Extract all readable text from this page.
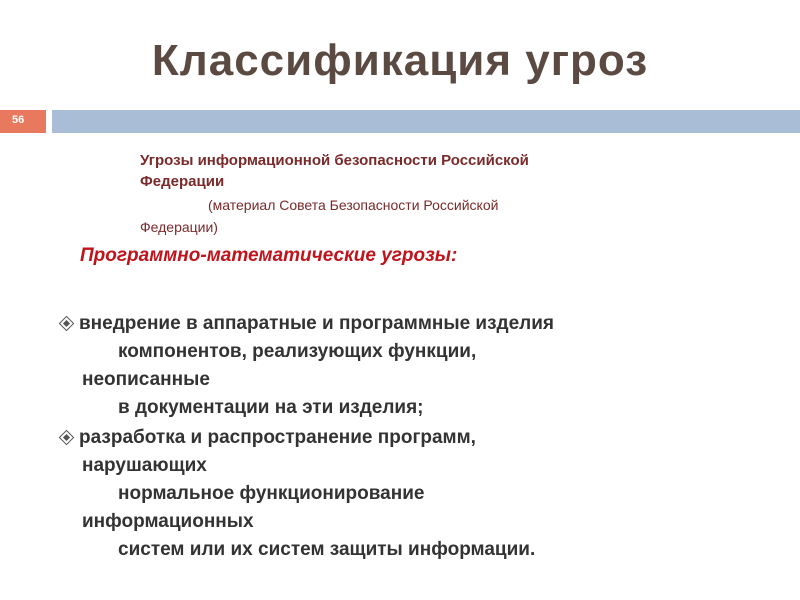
Классификация угроз
56
Угрозы информационной безопасности Российской
Федерации
(материал Совета Безопасности Российской
Федерации)
Программно-математические угрозы:
внедрение в аппаратные и программные изделия
компонентов, реализующих функции,
неописанные
в документации на эти изделия;
разработка и распространение программ,
нарушающих
нормальное функционирование
информационных
систем или их систем защиты информации.
